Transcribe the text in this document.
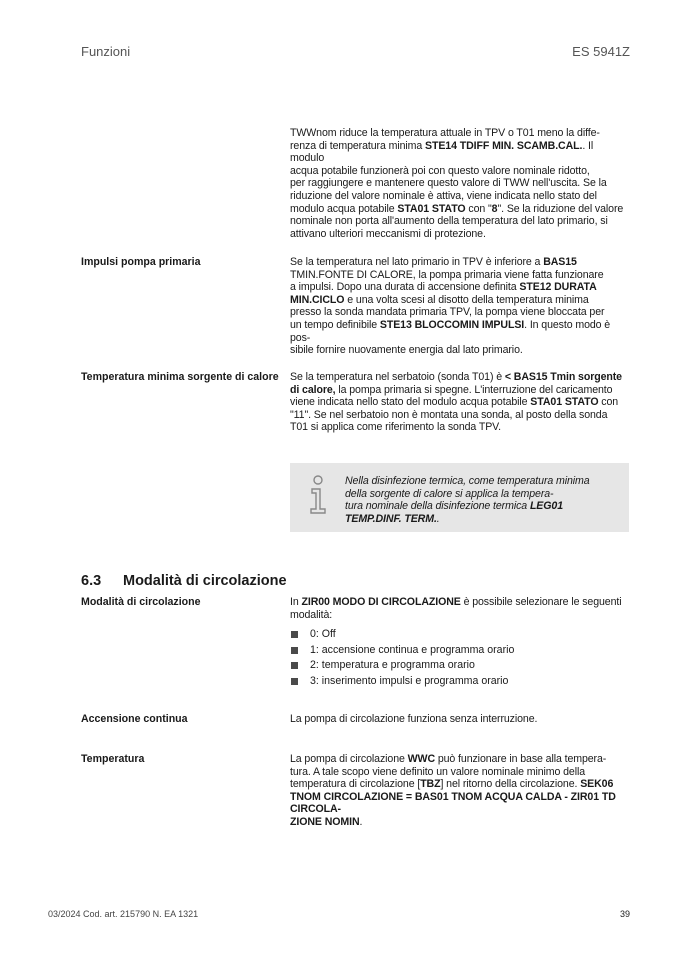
Funzioni	ES 5941Z
TWWnom riduce la temperatura attuale in TPV o T01 meno la diffe-
renza di temperatura minima STE14 TDIFF MIN. SCAMB.CAL.. Il modulo
acqua potabile funzionerà poi con questo valore nominale ridotto,
per raggiungere e mantenere questo valore di TWW nell'uscita. Se la
riduzione del valore nominale è attiva, viene indicata nello stato del
modulo acqua potabile STA01 STATO con "8". Se la riduzione del valore
nominale non porta all'aumento della temperatura del lato primario, si
attivano ulteriori meccanismi di protezione.
Impulsi pompa primaria	Se la temperatura nel lato primario in TPV è inferiore a BAS15
TMIN.FONTE DI CALORE, la pompa primaria viene fatta funzionare
a impulsi. Dopo una durata di accensione definita STE12 DURATA
MIN.CICLO e una volta scesi al disotto della temperatura minima
presso la sonda mandata primaria TPV, la pompa viene bloccata per
un tempo definibile STE13 BLOCCOMIN IMPULSI. In questo modo è pos-
sibile fornire nuovamente energia dal lato primario.
Temperatura minima sorgente di calore Se la temperatura nel serbatoio (sonda T01) è < BAS15 Tmin sorgente
di calore, la pompa primaria si spegne. L'interruzione del caricamento
viene indicata nello stato del modulo acqua potabile STA01 STATO con
"11". Se nel serbatoio non è montata una sonda, al posto della sonda
T01 si applica come riferimento la sonda TPV.
Nella disinfezione termica, come temperatura minima
della sorgente di calore si applica la tempera-
tura nominale della disinfezione termica LEG01
TEMP.DINF. TERM..
6.3 Modalità di circolazione
Modalità di circolazione	In ZIR00 MODO DI CIRCOLAZIONE è possibile selezionare le seguenti
modalità:
0: Off
1: accensione continua e programma orario
2: temperatura e programma orario
3: inserimento impulsi e programma orario
Accensione continua	La pompa di circolazione funziona senza interruzione.
Temperatura	La pompa di circolazione WWC può funzionare in base alla tempera-
tura. A tale scopo viene definito un valore nominale minimo della
temperatura di circolazione [TBZ] nel ritorno della circolazione. SEK06
TNOM CIRCOLAZIONE = BAS01 TNOM ACQUA CALDA - ZIR01 TD CIRCOLA-
ZIONE NOMIN.
03/2024 Cod. art. 215790 N. EA 1321	39
